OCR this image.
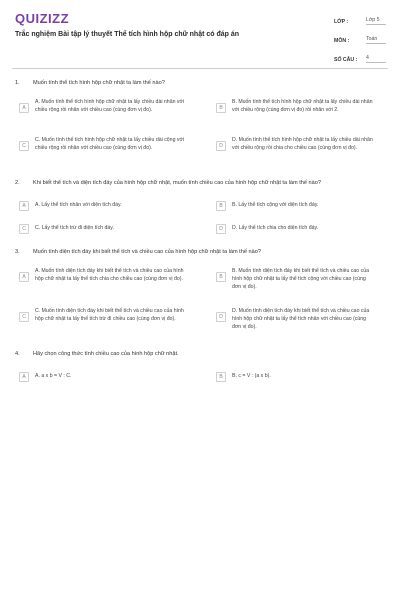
QUIZIZZ
Trắc nghiệm Bài tập lý thuyết Thể tích hình hộp chữ nhật có đáp án
LỚP :	Lớp 5
MÔN :	Toán
SỐ CÂU : 4
1.	Muốn tính thể tích hình hộp chữ nhật ta làm thế nào?
A
A. Muốn tính thể tích hình hộp chữ nhật ta lấy chiều dài nhân với chiều rộng rồi nhân với chiều cao (cùng đơn vị đo).	B
B. Muốn tính thể tích hình hộp chữ nhật ta lấy chiều dài nhân với chiều rộng (cùng đơn vị đo) rồi nhân với 2.
C
C. Muốn tính thể tích hình hộp chữ nhật ta lấy chiều dài cộng với chiều rộng rồi nhân với chiều cao (cùng đơn vị đo).	D
D. Muốn tính thể tích hình hộp chữ nhật ta lấy chiều dài nhân với chiều rộng rồi chia cho chiều cao (cùng đơn vị đo).
2.	Khi biết thể tích và diện tích đáy của hình hộp chữ nhật, muốn tính chiều cao của hình hộp chữ nhật ta làm thế nào?
A	A. Lấy thể tích nhân với diện tích đáy.	B	B. Lấy thể tích cộng với diện tích đáy.
C	C. Lấy thể tích trừ đi diện tích đáy.	D	D. Lấy thể tích chia cho diện tích đáy.
3.	Muốn tính diện tích đáy khi biết thể tích và chiều cao của hình hộp chữ nhật ta làm thế nào?
A
A. Muốn tính diện tích đáy khi biết thể tích và chiều cao của hình hộp chữ nhật ta lấy thể tích chia cho chiều cao (cùng đơn vị đo).	B
B. Muốn tính diện tích đáy khi biết thể tích và chiều cao của hình hộp chữ nhật ta lấy thể tích cộng với chiều cao (cùng đơn vị đo).
C
C. Muốn tính diện tích đáy khi biết thể tích và chiều cao của hình hộp chữ nhật ta lấy thể tích trừ đi chiều cao (cùng đơn vị đo).	D
D. Muốn tính diện tích đáy khi biết thể tích và chiều cao của hình hộp chữ nhật ta lấy thể tích nhân với chiều cao (cùng đơn vị đo).
4.	Hãy chọn công thức tính chiều cao của hình hộp chữ nhật.
A	A. a x b = V : C.	B	B. c = V : (a x b).
